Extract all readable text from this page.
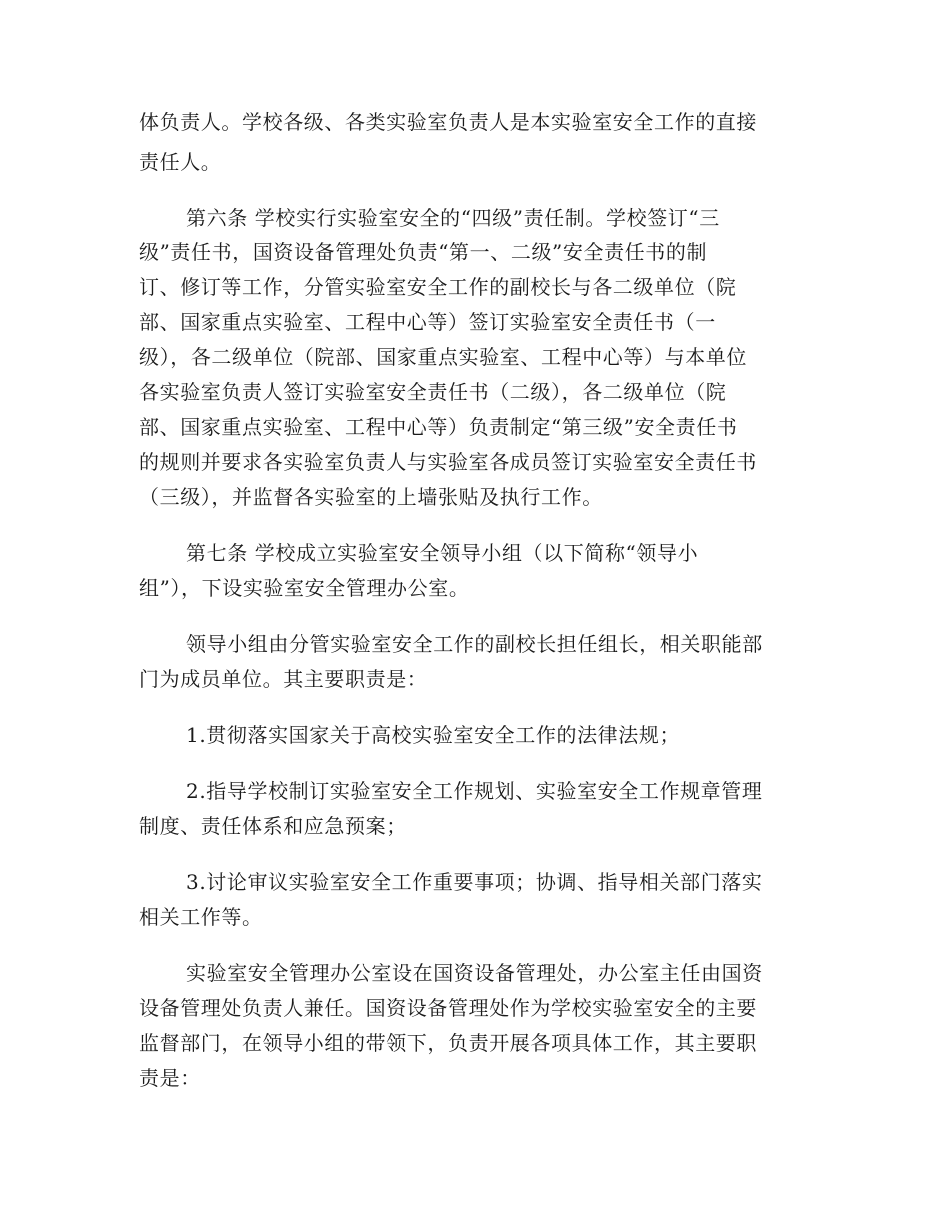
体负责人。学校各级、各类实验室负责人是本实验室安全工作的直接
责任人。
第六条 学校实行实验室安全的“四级”责任制。学校签订“三
级”责任书，国资设备管理处负责“第一、二级”安全责任书的制
订、修订等工作，分管实验室安全工作的副校长与各二级单位（院
部、国家重点实验室、工程中心等）签订实验室安全责任书（一
级），各二级单位（院部、国家重点实验室、工程中心等）与本单位
各实验室负责人签订实验室安全责任书（二级），各二级单位（院
部、国家重点实验室、工程中心等）负责制定“第三级”安全责任书
的规则并要求各实验室负责人与实验室各成员签订实验室安全责任书
（三级），并监督各实验室的上墙张贴及执行工作。
第七条 学校成立实验室安全领导小组（以下简称“领导小
组”），下设实验室安全管理办公室。
领导小组由分管实验室安全工作的副校长担任组长，相关职能部
门为成员单位。其主要职责是：
1.贯彻落实国家关于高校实验室安全工作的法律法规；
2.指导学校制订实验室安全工作规划、实验室安全工作规章管理
制度、责任体系和应急预案；
3.讨论审议实验室安全工作重要事项；协调、指导相关部门落实
相关工作等。
实验室安全管理办公室设在国资设备管理处，办公室主任由国资
设备管理处负责人兼任。国资设备管理处作为学校实验室安全的主要
监督部门，在领导小组的带领下，负责开展各项具体工作，其主要职
责是：
